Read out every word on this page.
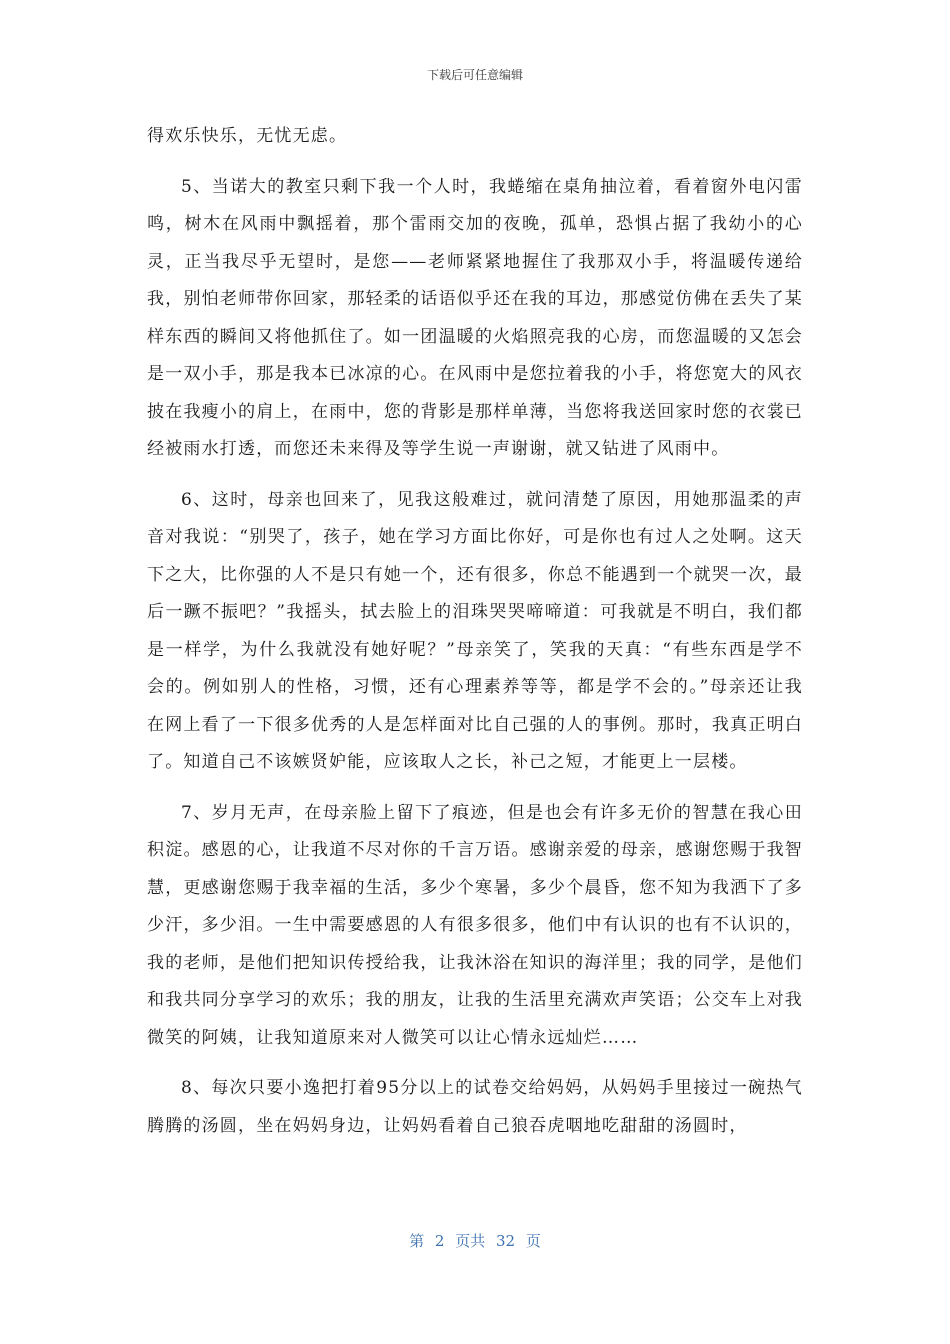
下载后可任意编辑

得欢乐快乐，无忧无虑。

5、当诺大的教室只剩下我一个人时，我蜷缩在桌角抽泣着，看着窗外电闪雷鸣，树木在风雨中飘摇着，那个雷雨交加的夜晚，孤单，恐惧占据了我幼小的心灵，正当我尽乎无望时，是您——老师紧紧地握住了我那双小手，将温暖传递给我，别怕老师带你回家，那轻柔的话语似乎还在我的耳边，那感觉仿佛在丢失了某样东西的瞬间又将他抓住了。如一团温暖的火焰照亮我的心房，而您温暖的又怎会是一双小手，那是我本已冰凉的心。在风雨中是您拉着我的小手，将您宽大的风衣披在我瘦小的肩上，在雨中，您的背影是那样单薄，当您将我送回家时您的衣裳已经被雨水打透，而您还未来得及等学生说一声谢谢，就又钻进了风雨中。

6、这时，母亲也回来了，见我这般难过，就问清楚了原因，用她那温柔的声音对我说：“别哭了，孩子，她在学习方面比你好，可是你也有过人之处啊。这天下之大，比你强的人不是只有她一个，还有很多，你总不能遇到一个就哭一次，最后一蹶不振吧？”我摇头，拭去脸上的泪珠哭哭啼啼道：可我就是不明白，我们都是一样学，为什么我就没有她好呢？”母亲笑了，笑我的天真：“有些东西是学不会的。例如别人的性格，习惯，还有心理素养等等，都是学不会的。”母亲还让我在网上看了一下很多优秀的人是怎样面对比自己强的人的事例。那时，我真正明白了。知道自己不该嫉贤妒能，应该取人之长，补己之短，才能更上一层楼。

7、岁月无声，在母亲脸上留下了痕迹，但是也会有许多无价的智慧在我心田积淀。感恩的心，让我道不尽对你的千言万语。感谢亲爱的母亲，感谢您赐于我智慧，更感谢您赐于我幸福的生活，多少个寒暑，多少个晨昏，您不知为我洒下了多少汗，多少泪。一生中需要感恩的人有很多很多，他们中有认识的也有不认识的，我的老师，是他们把知识传授给我，让我沐浴在知识的海洋里；我的同学，是他们和我共同分享学习的欢乐；我的朋友，让我的生活里充满欢声笑语；公交车上对我微笑的阿姨，让我知道原来对人微笑可以让心情永远灿烂……

8、每次只要小逸把打着95分以上的试卷交给妈妈，从妈妈手里接过一碗热气腾腾的汤圆，坐在妈妈身边，让妈妈看着自己狼吞虎咽地吃甜甜的汤圆时，

第 2 页共 32 页
